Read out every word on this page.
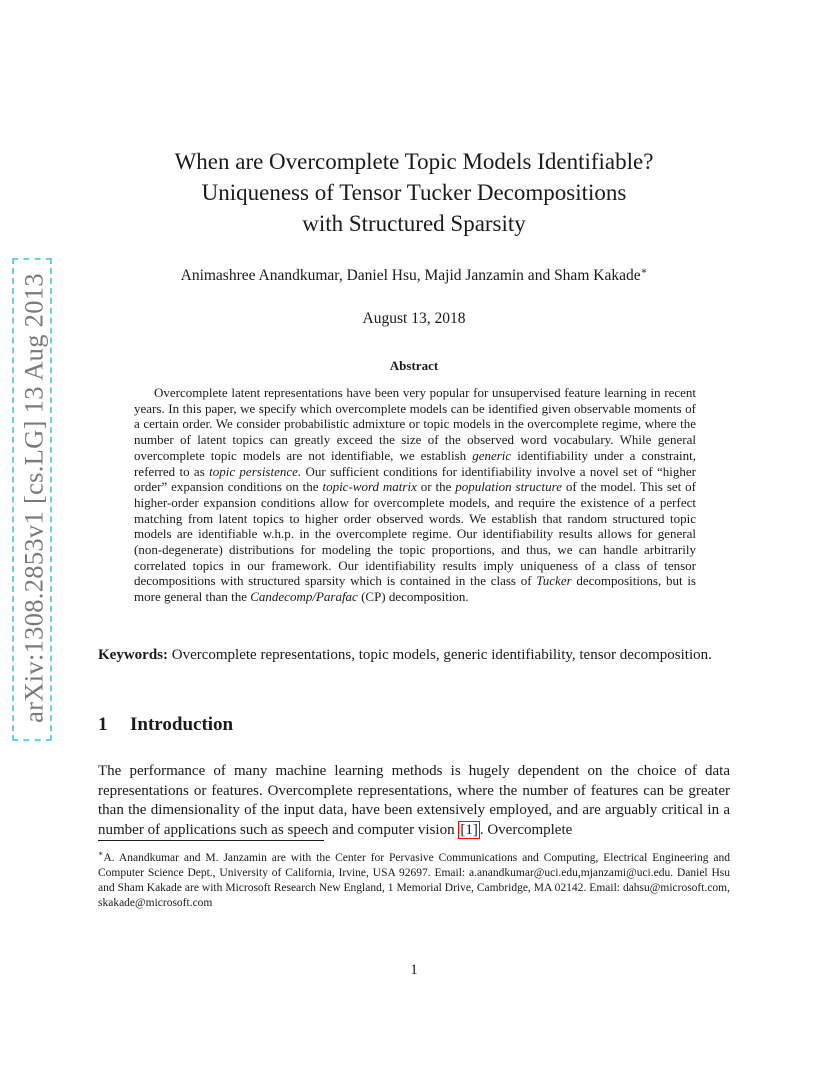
arXiv:1308.2853v1 [cs.LG] 13 Aug 2013
When are Overcomplete Topic Models Identifiable?
Uniqueness of Tensor Tucker Decompositions
with Structured Sparsity
Animashree Anandkumar, Daniel Hsu, Majid Janzamin and Sham Kakade∗
August 13, 2018
Abstract

Overcomplete latent representations have been very popular for unsupervised feature learning in recent years. In this paper, we specify which overcomplete models can be identified given observable moments of a certain order. We consider probabilistic admixture or topic models in the overcomplete regime, where the number of latent topics can greatly exceed the size of the observed word vocabulary. While general overcomplete topic models are not identifiable, we establish generic identifiability under a constraint, referred to as topic persistence. Our sufficient conditions for identifiability involve a novel set of “higher order” expansion conditions on the topic-word matrix or the population structure of the model. This set of higher-order expansion conditions allow for overcomplete models, and require the existence of a perfect matching from latent topics to higher order observed words. We establish that random structured topic models are identifiable w.h.p. in the overcomplete regime. Our identifiability results allows for general (non-degenerate) distributions for modeling the topic proportions, and thus, we can handle arbitrarily correlated topics in our framework. Our identifiability results imply uniqueness of a class of tensor decompositions with structured sparsity which is contained in the class of Tucker decompositions, but is more general than the Candecomp/Parafac (CP) decomposition.

Keywords: Overcomplete representations, topic models, generic identifiability, tensor decomposition.

1 Introduction

The performance of many machine learning methods is hugely dependent on the choice of data representations or features. Overcomplete representations, where the number of features can be greater than the dimensionality of the input data, have been extensively employed, and are arguably critical in a number of applications such as speech and computer vision [1] . Overcomplete

∗A. Anandkumar and M. Janzamin are with the Center for Pervasive Communications and Computing, Electrical Engineering and Computer Science Dept., University of California, Irvine, USA 92697. Email: a.anandkumar@uci.edu,mjanzami@uci.edu. Daniel Hsu and Sham Kakade are with Microsoft Research New England, 1 Memorial Drive, Cambridge, MA 02142. Email: dahsu@microsoft.com, skakade@microsoft.com

1
